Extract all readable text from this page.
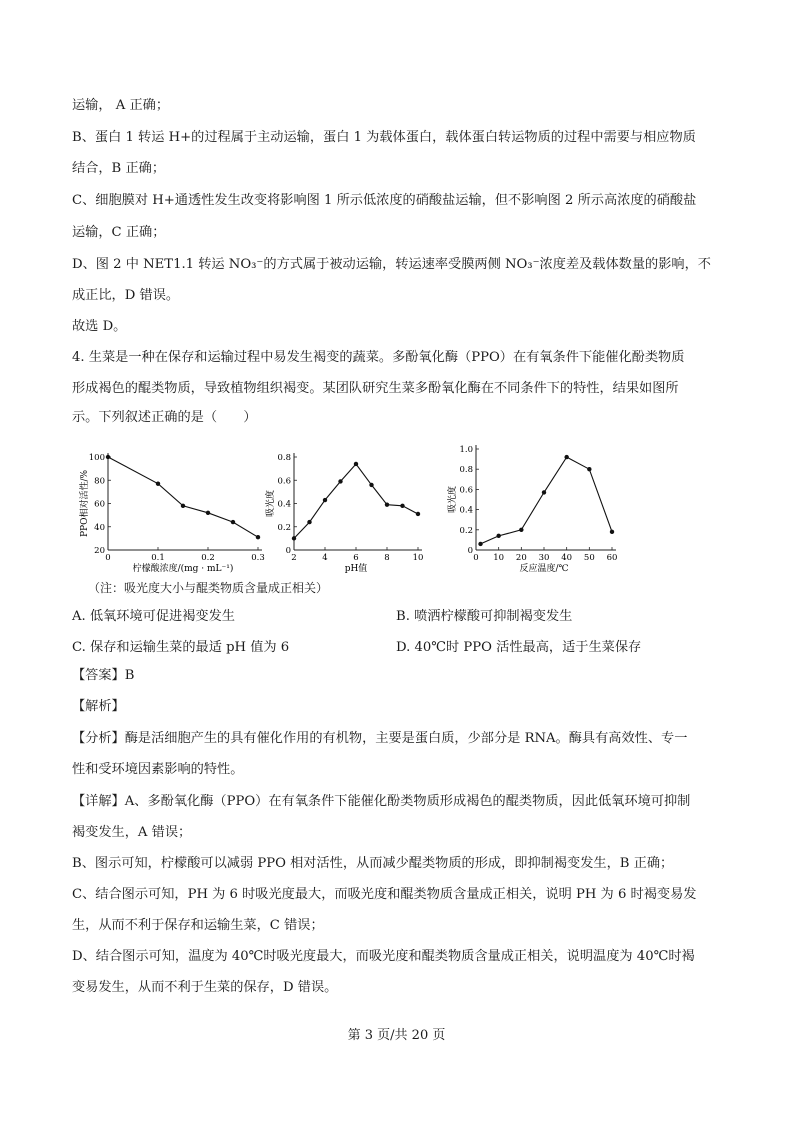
运输， A 正确；
B、蛋白 1 转运 H+的过程属于主动运输，蛋白 1 为载体蛋白，载体蛋白转运物质的过程中需要与相应物质
结合，B 正确；
C、细胞膜对 H+通透性发生改变将影响图 1 所示低浓度的硝酸盐运输，但不影响图 2 所示高浓度的硝酸盐
运输，C 正确；
D、图 2 中 NET1.1 转运 NO₃⁻的方式属于被动运输，转运速率受膜两侧 NO₃⁻浓度差及载体数量的影响，不
成正比，D 错误。
故选 D。
4. 生菜是一种在保存和运输过程中易发生褐变的蔬菜。多酚氧化酶（PPO）在有氧条件下能催化酚类物质
形成褐色的醌类物质，导致植物组织褐变。某团队研究生菜多酚氧化酶在不同条件下的特性，结果如图所
示。下列叙述正确的是（　　）
20
40
60
80
100
0	0.1	0.2	0.3
柠檬酸浓度/(mg · mL⁻¹)
PPO相对活性/%
0
0.2
0.4
0.6
0.8
2	4	6	8	10
pH值
吸光度
0
0.2
0.4
0.6
0.8
1.0
0 10 20 30 40 50 60
反应温度/℃
吸光度
（注：吸光度大小与醌类物质含量成正相关）
A. 低氧环境可促进褐变发生	B. 喷洒柠檬酸可抑制褐变发生
C. 保存和运输生菜的最适 pH 值为 6	D. 40℃时 PPO 活性最高，适于生菜保存
【答案】B
【解析】
【分析】酶是活细胞产生的具有催化作用的有机物，主要是蛋白质，少部分是 RNA。酶具有高效性、专一
性和受环境因素影响的特性。
【详解】A、多酚氧化酶（PPO）在有氧条件下能催化酚类物质形成褐色的醌类物质，因此低氧环境可抑制
褐变发生，A 错误；
B、图示可知，柠檬酸可以减弱 PPO 相对活性，从而减少醌类物质的形成，即抑制褐变发生，B 正确；
C、结合图示可知，PH 为 6 时吸光度最大，而吸光度和醌类物质含量成正相关，说明 PH 为 6 时褐变易发
生，从而不利于保存和运输生菜，C 错误；
D、结合图示可知，温度为 40℃时吸光度最大，而吸光度和醌类物质含量成正相关，说明温度为 40℃时褐
变易发生，从而不利于生菜的保存，D 错误。
第 3 页/共 20 页
